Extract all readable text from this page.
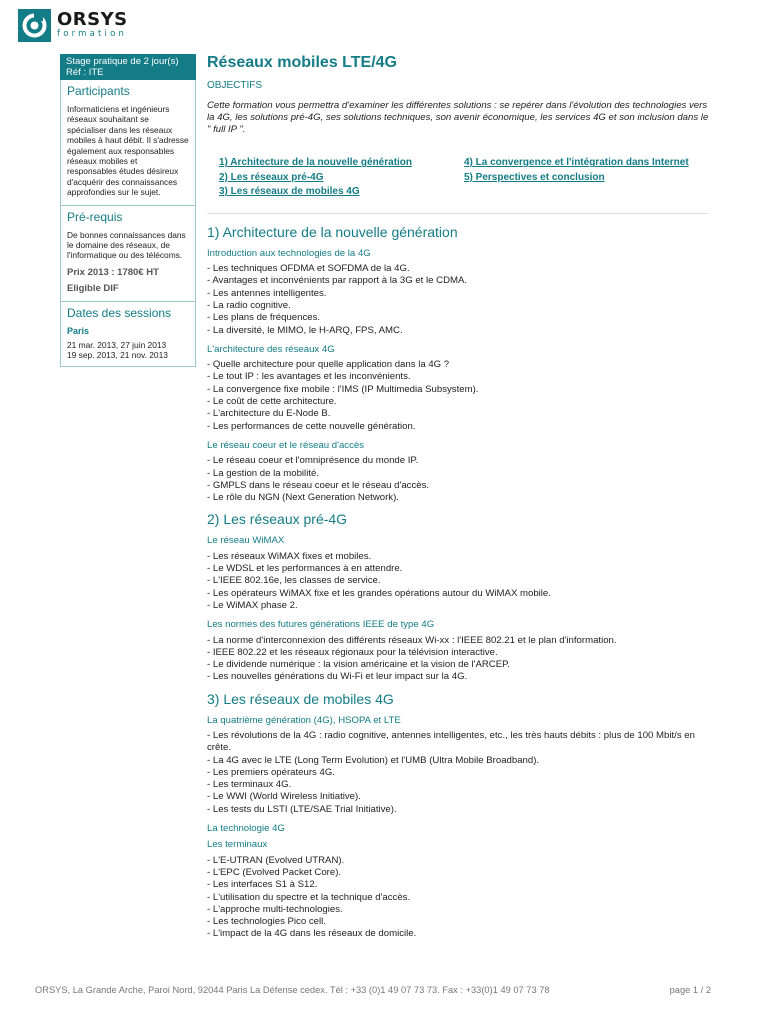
ORSYS
formation
Stage pratique de 2 jour(s)
Réf : ITE
Participants
Informaticiens et ingénieurs réseaux souhaitant se spécialiser dans les réseaux mobiles à haut débit. Il s'adresse également aux responsables réseaux mobiles et responsables études désireux d'acquérir des connaissances approfondies sur le sujet.
Pré-requis
De bonnes connaissances dans le domaine des réseaux, de l'informatique ou des télécoms.
Prix 2013 : 1780€ HT
Eligible DIF
Dates des sessions
Paris
21 mar. 2013, 27 juin 2013
19 sep. 2013, 21 nov. 2013
Réseaux mobiles LTE/4G
OBJECTIFS
Cette formation vous permettra d'examiner les différentes solutions : se repérer dans l'évolution des technologies vers la 4G, les solutions pré-4G, ses solutions techniques, son avenir économique, les services 4G et son inclusion dans le " full IP ".
1) Architecture de la nouvelle génération
2) Les réseaux pré-4G
3) Les réseaux de mobiles 4G
4) La convergence et l'intégration dans Internet
5) Perspectives et conclusion
1) Architecture de la nouvelle génération
Introduction aux technologies de la 4G
- Les techniques OFDMA et SOFDMA de la 4G.
- Avantages et inconvénients par rapport à la 3G et le CDMA.
- Les antennes intelligentes.
- La radio cognitive.
- Les plans de fréquences.
- La diversité, le MIMO, le H-ARQ, FPS, AMC.
L'architecture des réseaux 4G
- Quelle architecture pour quelle application dans la 4G ?
- Le tout IP : les avantages et les inconvénients.
- La convergence fixe mobile : l'IMS (IP Multimedia Subsystem).
- Le coût de cette architecture.
- L'architecture du E-Node B.
- Les performances de cette nouvelle génération.
Le réseau coeur et le réseau d'accès
- Le réseau coeur et l'omniprésence du monde IP.
- La gestion de la mobilité.
- GMPLS dans le réseau coeur et le réseau d'accès.
- Le rôle du NGN (Next Generation Network).
2) Les réseaux pré-4G
Le réseau WiMAX
- Les réseaux WiMAX fixes et mobiles.
- Le WDSL et les performances à en attendre.
- L'IEEE 802.16e, les classes de service.
- Les opérateurs WiMAX fixe et les grandes opérations autour du WiMAX mobile.
- Le WiMAX phase 2.
Les normes des futures générations IEEE de type 4G
- La norme d'interconnexion des différents réseaux Wi-xx : l'IEEE 802.21 et le plan d'information.
- IEEE 802.22 et les réseaux régionaux pour la télévision interactive.
- Le dividende numérique : la vision américaine et la vision de l'ARCEP.
- Les nouvelles générations du Wi-Fi et leur impact sur la 4G.
3) Les réseaux de mobiles 4G
La quatrième génération (4G), HSOPA et LTE
- Les révolutions de la 4G : radio cognitive, antennes intelligentes, etc., les très hauts débits : plus de 100 Mbit/s en crête.
- La 4G avec le LTE (Long Term Evolution) et l'UMB (Ultra Mobile Broadband).
- Les premiers opérateurs 4G.
- Les terminaux 4G.
- Le WWI (World Wireless Initiative).
- Les tests du LSTI (LTE/SAE Trial Initiative).
La technologie 4G
Les terminaux
- L'E-UTRAN (Evolved UTRAN).
- L'EPC (Evolved Packet Core).
- Les interfaces S1 à S12.
- L'utilisation du spectre et la technique d'accès.
- L'approche multi-technologies.
- Les technologies Pico cell.
- L'impact de la 4G dans les réseaux de domicile.
ORSYS, La Grande Arche, Paroi Nord, 92044 Paris La Défense cedex. Tél : +33 (0)1 49 07 73 73. Fax : +33(0)1 49 07 73 78	page 1 / 2
